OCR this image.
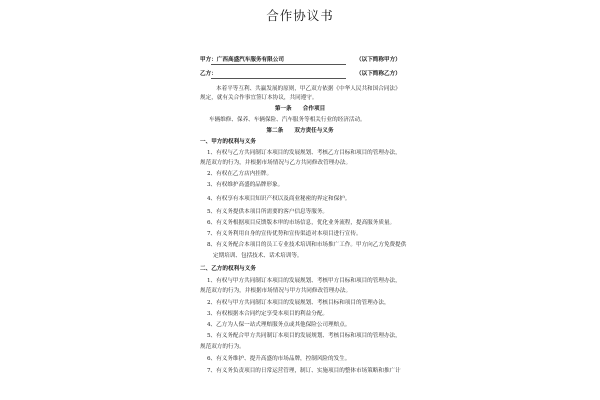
合作协议书
甲方：广西高盛汽车服务有限公司	（以下简称甲方）
乙方：	（以下简称乙方）
本着平等互利、共赢发展的原则，甲乙双方依据《中华人民共和国合同法》
规定，就有关合作事宜签订本协议，共同遵守。
第一条　　合作项目
车辆维修、保养、车辆保险、汽车服务等相关行业的经济活动。
第二条　　双方责任与义务
一、甲方的权利与义务
1、有权与乙方共同制订本项目的发展规划、考核乙方目标和项目的管理办法，
规范双方的行为，并根据市场情况与乙方共同修改管理办法。
2、有权在乙方店内挂牌。
3、有权维护高盛的品牌形象。
4、有权享有本项目知识产权以及商业秘密的界定和保护。
5、有义务提供本项目所需要的客户信息等服务。
6、有义务根据项目反馈版本审的市场信息，优化业务流程，提高服务质量。
7、有义务利用自身的宣传优势和宣传渠道对本项目进行宣传。
8、有义务配合本项目的员工专业技术培训和市场推广工作。甲方向乙方免费提供
定期培训、包括技术、话术培训等。
二、乙方的权利与义务
1、有权与甲方共同制订本项目的发展规划、考核甲方目标和项目的管理办法，
规范双方的行为，并根据市场情况与甲方共同修改管理办法。
2、有权与甲方共同制订本项目的发展规划、考核目标和项目的管理办法，
3、有权根据本合同约定享受本项目的利益分配。
4、乙方为人保一站式理赔服务点或其他保险公司理赔点。
5、有义务配合甲方共同制订本项目的发展规划、考核目标和项目的管理办法，
规范双方的行为。
6、有义务维护、提升高盛的市场品牌，控制风险的发生。
7、有义务负责项目的日常运营管理，制订、实施项目的整体市场策略和推广计
